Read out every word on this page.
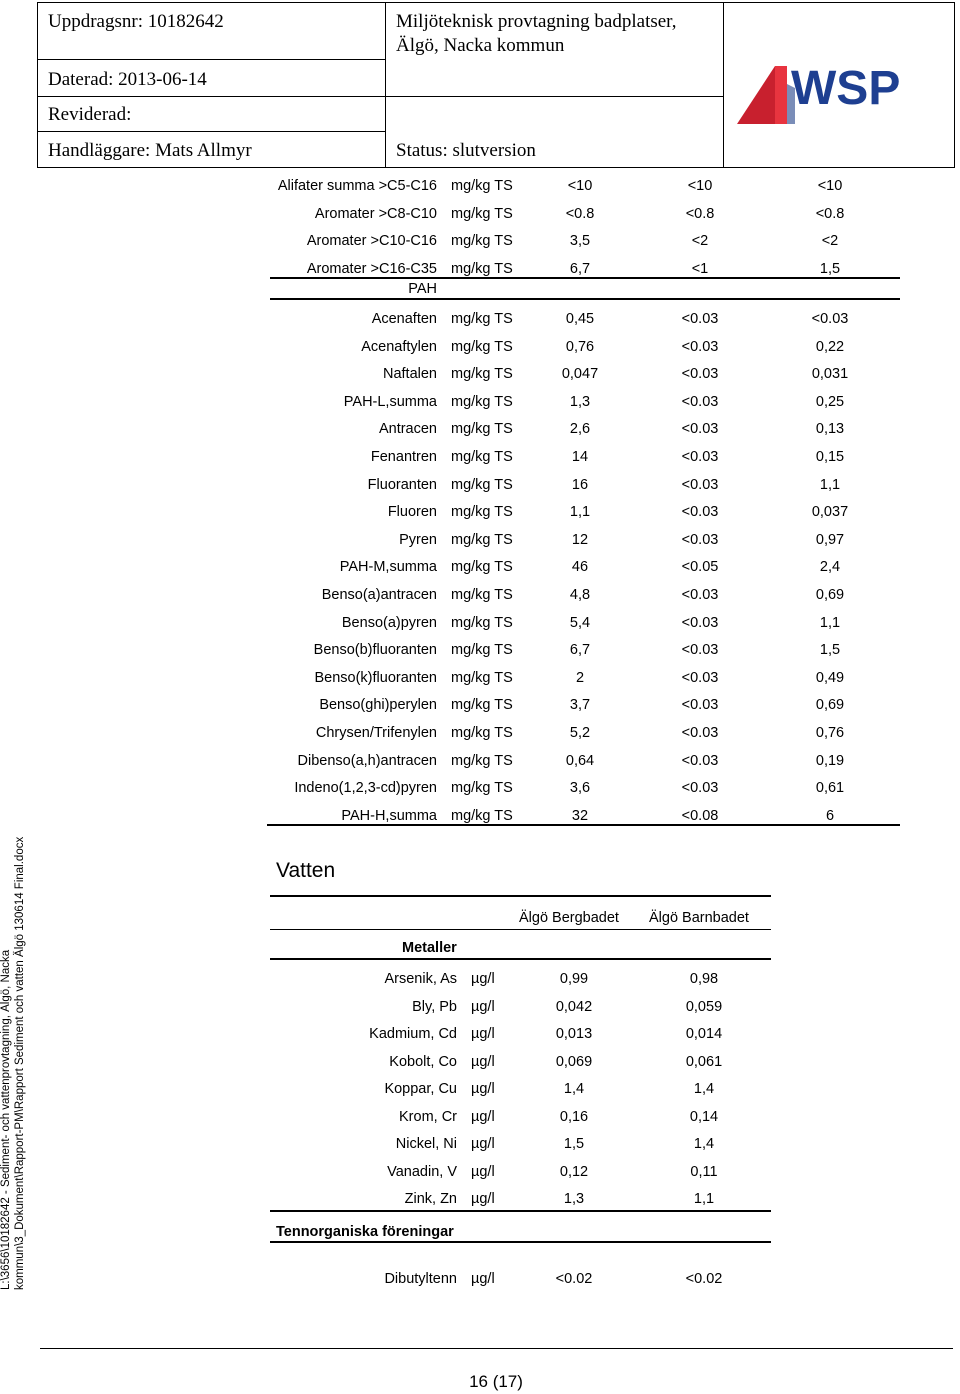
Uppdragsnr: 10182642	Miljöteknisk provtagning badplatser,
Älgö, Nacka kommun
Daterad: 2013-06-14
Reviderad:
Handläggare: Mats Allmyr	Status: slutversion
WSP
Alifater summa >C5-C16 mg/kg TS	<10	<10	<10
Aromater >C8-C10 mg/kg TS	<0.8	<0.8	<0.8
Aromater >C10-C16 mg/kg TS	3,5	<2	<2
Aromater >C16-C35 mg/kg TS	6,7	<1	1,5
PAH
Acenaften mg/kg TS	0,45	<0.03	<0.03
Acenaftylen mg/kg TS	0,76	<0.03	0,22
Naftalen mg/kg TS	0,047	<0.03	0,031
PAH-L,summa mg/kg TS	1,3	<0.03	0,25
Antracen mg/kg TS	2,6	<0.03	0,13
Fenantren mg/kg TS	14	<0.03	0,15
Fluoranten mg/kg TS	16	<0.03	1,1
Fluoren mg/kg TS	1,1	<0.03	0,037
Pyren mg/kg TS	12	<0.03	0,97
PAH-M,summa mg/kg TS	46	<0.05	2,4
Benso(a)antracen mg/kg TS	4,8	<0.03	0,69
Benso(a)pyren mg/kg TS	5,4	<0.03	1,1
Benso(b)fluoranten mg/kg TS	6,7	<0.03	1,5
Benso(k)fluoranten mg/kg TS	2	<0.03	0,49
Benso(ghi)perylen mg/kg TS	3,7	<0.03	0,69
Chrysen/Trifenylen mg/kg TS	5,2	<0.03	0,76
Dibenso(a,h)antracen mg/kg TS	0,64	<0.03	0,19
Indeno(1,2,3-cd)pyren mg/kg TS	3,6	<0.03	0,61
PAH-H,summa mg/kg TS	32	<0.08	6
L:\3656\10182642 - Sediment- och vattenprovtagning, Älgö, Nacka kommun\3_Dokument\Rapport-PM\Rapport Sediment och vatten Älgö 130614 Final.docx	Vatten
Älgö Bergbadet Älgö Barnbadet
Metaller
Arsenik, As µg/l	0,99	0,98
Bly, Pb µg/l	0,042	0,059
Kadmium, Cd µg/l	0,013	0,014
Kobolt, Co µg/l	0,069	0,061
Koppar, Cu µg/l	1,4	1,4
Krom, Cr µg/l	0,16	0,14
Nickel, Ni µg/l	1,5	1,4
Vanadin, V µg/l	0,12	0,11
Zink, Zn µg/l	1,3	1,1
Tennorganiska föreningar
Dibutyltenn µg/l	<0.02	<0.02
16 (17)
